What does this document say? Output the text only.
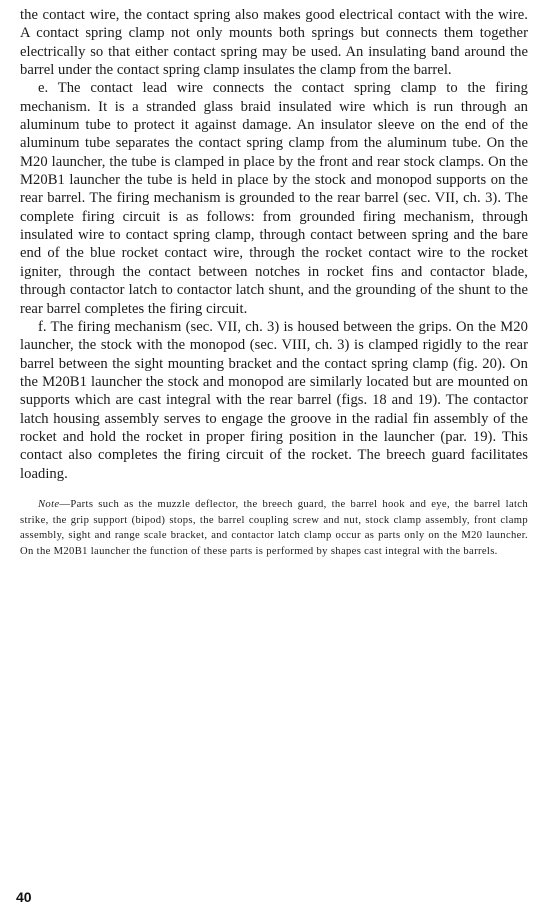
the contact wire, the contact spring also makes good electrical contact with the wire. A contact spring clamp not only mounts both springs but connects them together electrically so that either contact spring may be used. An insulating band around the barrel under the contact spring clamp insulates the clamp from the barrel.

e. The contact lead wire connects the contact spring clamp to the firing mechanism. It is a stranded glass braid insulated wire which is run through an aluminum tube to protect it against damage. An insulator sleeve on the end of the aluminum tube separates the contact spring clamp from the aluminum tube. On the M20 launcher, the tube is clamped in place by the front and rear stock clamps. On the M20B1 launcher the tube is held in place by the stock and monopod supports on the rear barrel. The firing mechanism is grounded to the rear barrel (sec. VII, ch. 3). The complete firing circuit is as follows: from grounded firing mechanism, through insulated wire to contact spring clamp, through contact between spring and the bare end of the blue rocket contact wire, through the rocket contact wire to the rocket igniter, through the contact between notches in rocket fins and contactor blade, through contactor latch to contactor latch shunt, and the grounding of the shunt to the rear barrel completes the firing circuit.

f. The firing mechanism (sec. VII, ch. 3) is housed between the grips. On the M20 launcher, the stock with the monopod (sec. VIII, ch. 3) is clamped rigidly to the rear barrel between the sight mounting bracket and the contact spring clamp (fig. 20). On the M20B1 launcher the stock and monopod are similarly located but are mounted on supports which are cast integral with the rear barrel (figs. 18 and 19). The contactor latch housing assembly serves to engage the groove in the radial fin assembly of the rocket and hold the rocket in proper firing position in the launcher (par. 19). This contact also completes the firing circuit of the rocket. The breech guard facilitates loading.

Note—Parts such as the muzzle deflector, the breech guard, the barrel hook and eye, the barrel latch strike, the grip support (bipod) stops, the barrel coupling screw and nut, stock clamp assembly, front clamp assembly, sight and range scale bracket, and contactor latch clamp occur as parts only on the M20 launcher. On the M20B1 launcher the function of these parts is performed by shapes cast integral with the barrels.

40
